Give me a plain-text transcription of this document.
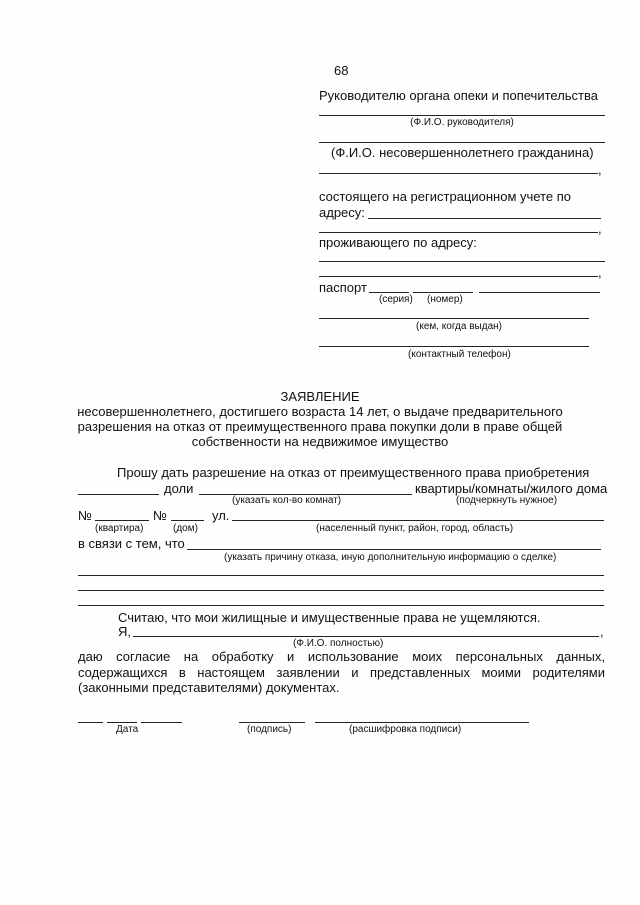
68
Руководителю органа опеки и попечительства
(Ф.И.О. руководителя)
(Ф.И.О. несовершеннолетнего гражданина)
,
состоящего на регистрационном учете по
адресу:
,
проживающего по адресу:
,
паспорт
(серия) (номер)
(кем, когда выдан)
(контактный телефон)
ЗАЯВЛЕНИЕ
несовершеннолетнего, достигшего возраста 14 лет, о выдаче предварительного
разрешения на отказ от преимущественного права покупки доли в праве общей
собственности на недвижимое имущество
Прошу дать разрешение на отказ от преимущественного права приобретения
доли	квартиры/комнаты/жилого дома
(указать кол-во комнат)	(подчеркнуть нужное)
№	№	ул.
(квартира)	(дом)	(населенный пункт, район, город, область)
в связи с тем, что
(указать причину отказа, иную дополнительную информацию о сделке)
Считаю, что мои жилищные и имущественные права не ущемляются.
Я,	,
(Ф.И.О. полностью)
даю согласие на обработку и использование моих персональных данных,
содержащихся в настоящем заявлении и представленных моими родителями
(законными представителями) документах.
Дата	(подпись)	(расшифровка подписи)
